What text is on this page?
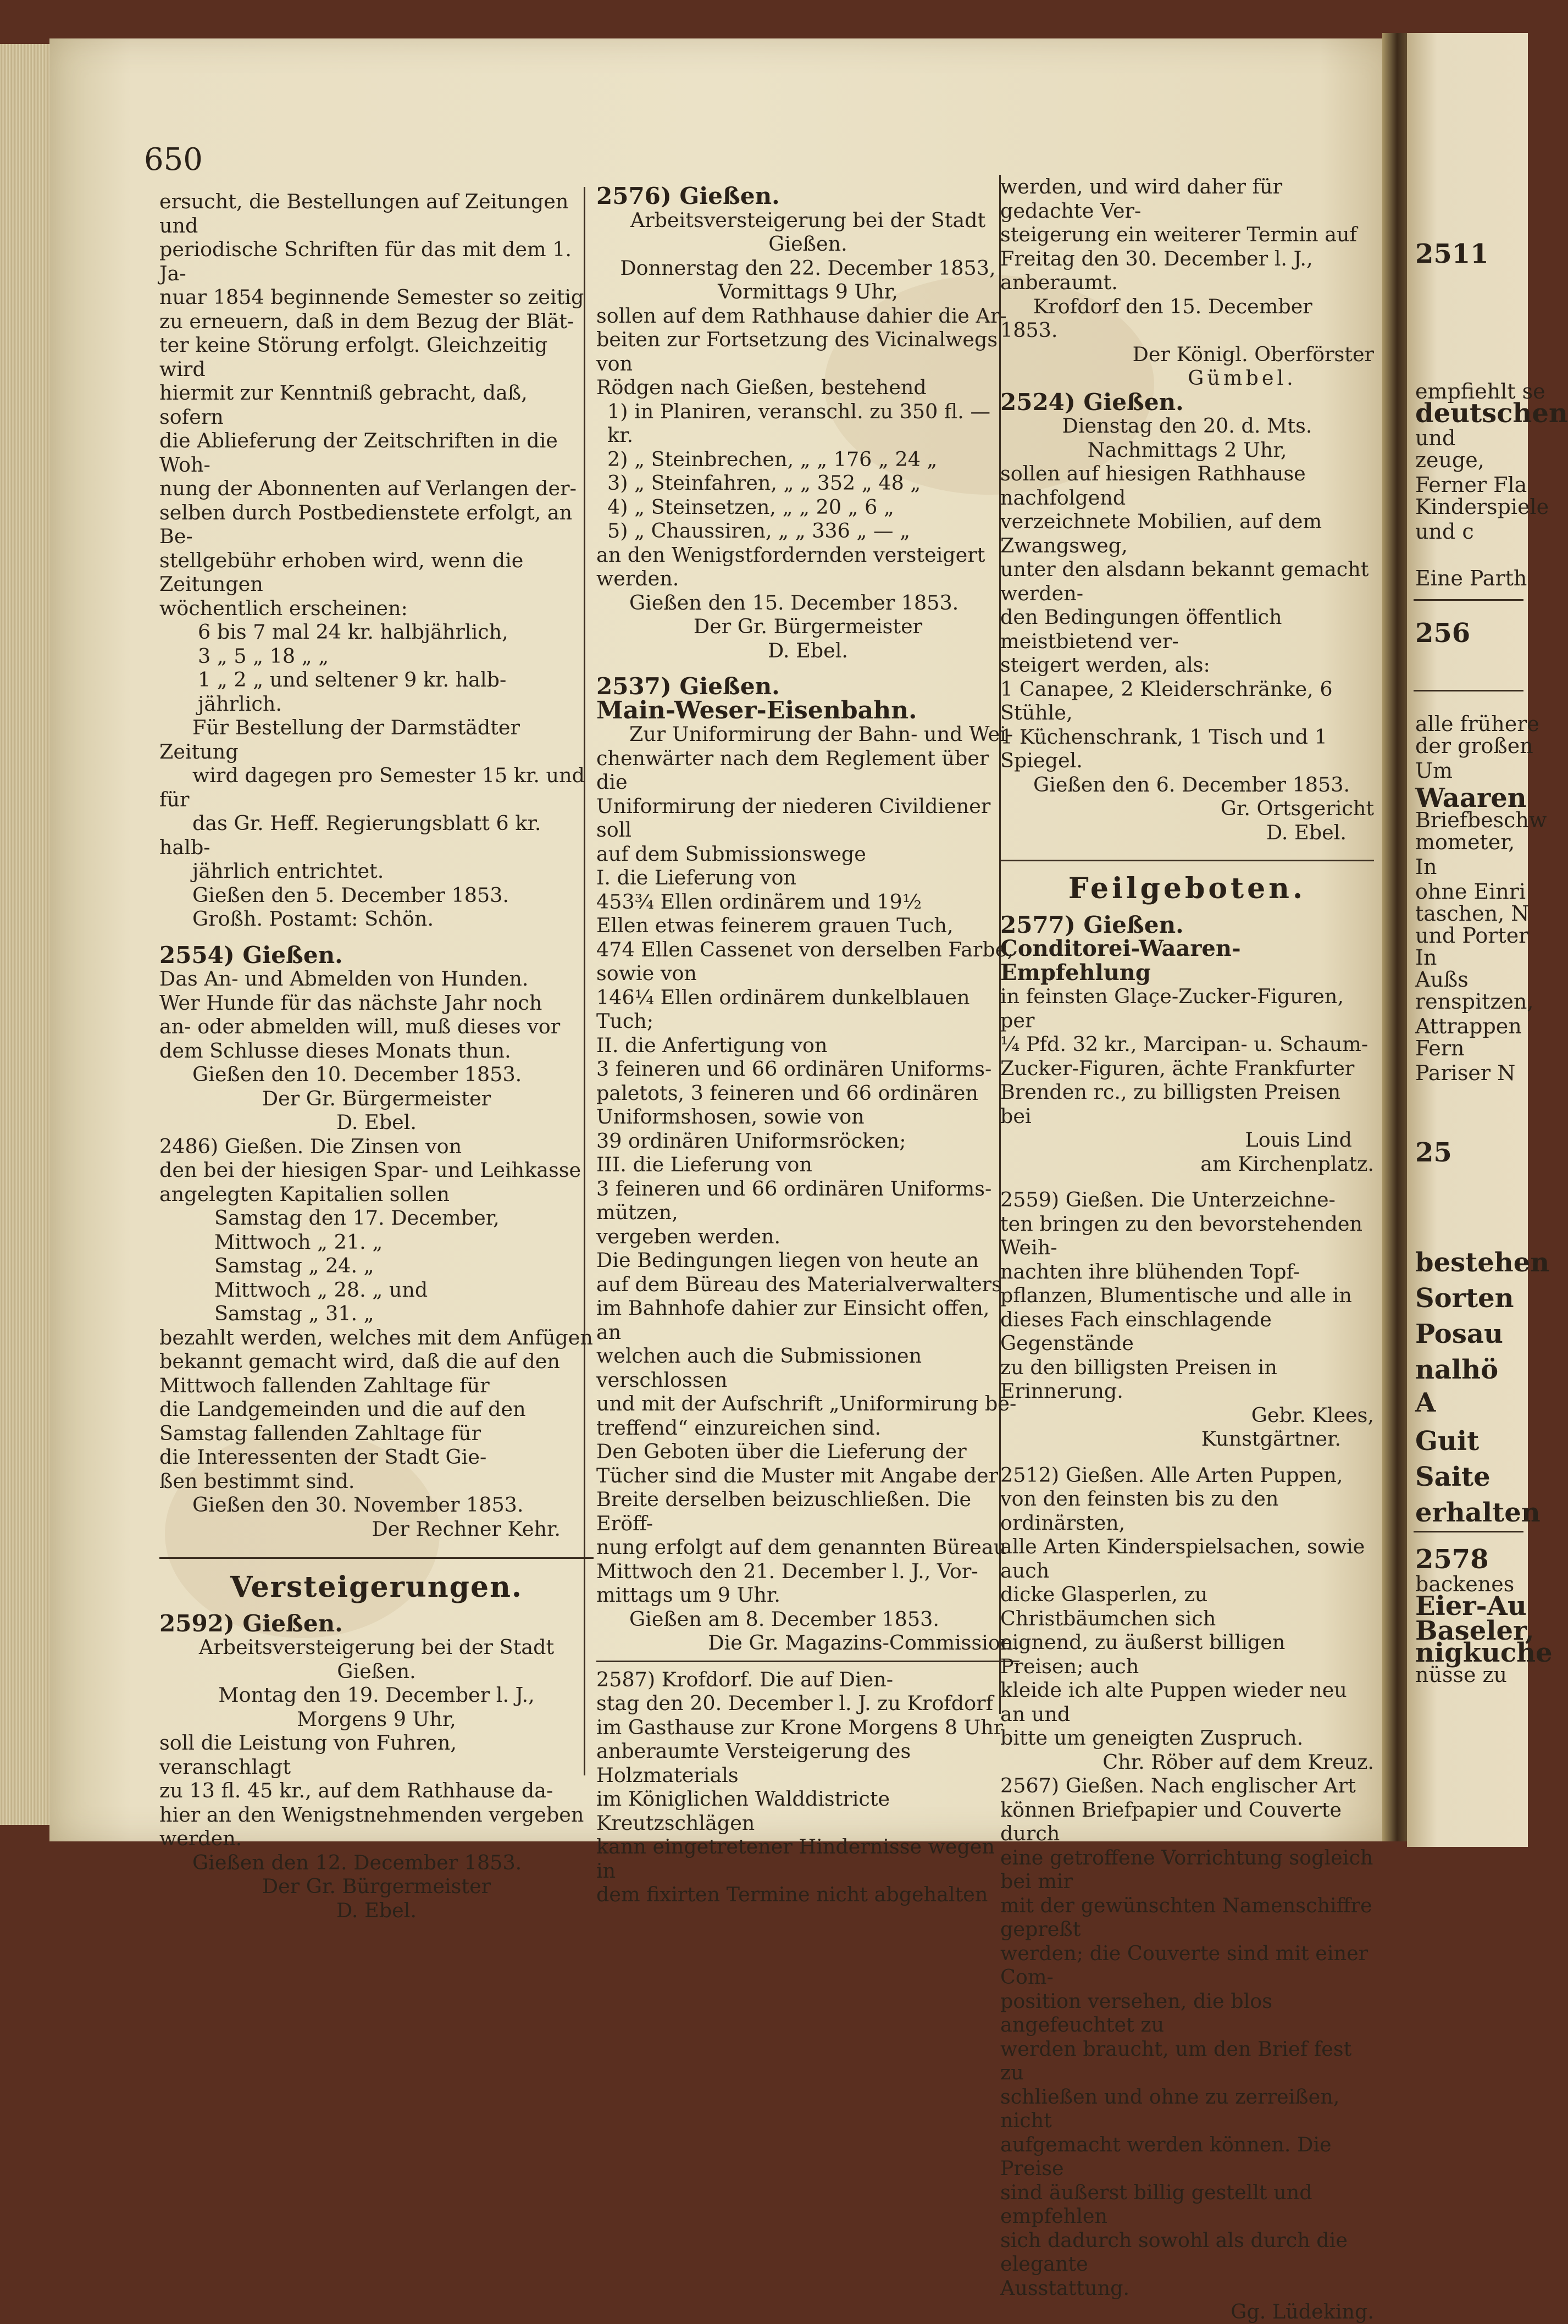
650

ersucht, die Bestellungen auf Zeitungen und

periodische Schriften für das mit dem 1. Ja-

nuar 1854 beginnende Semester so zeitig

zu erneuern, daß in dem Bezug der Blät-

ter keine Störung erfolgt. Gleichzeitig wird

hiermit zur Kenntniß gebracht, daß, sofern

die Ablieferung der Zeitschriften in die Woh-

nung der Abonnenten auf Verlangen der-

selben durch Postbedienstete erfolgt, an Be-

stellgebühr erhoben wird, wenn die Zeitungen

wöchentlich erscheinen:

6 bis 7 mal 24 kr. halbjährlich,

3 „ 5 „ 18 „ „

1 „ 2 „ und seltener 9 kr. halb-

jährlich.

Für Bestellung der Darmstädter Zeitung

wird dagegen pro Semester 15 kr. und für

das Gr. Heff. Regierungsblatt 6 kr. halb-

jährlich entrichtet.

Gießen den 5. December 1853.

Großh. Postamt: Schön.

2554) Gießen.

Das An- und Abmelden von Hunden.

Wer Hunde für das nächste Jahr noch

an- oder abmelden will, muß dieses vor

dem Schlusse dieses Monats thun.

Gießen den 10. December 1853.

Der Gr. Bürgermeister

D. Ebel.

2486) Gießen. Die Zinsen von

den bei der hiesigen Spar- und Leihkasse

angelegten Kapitalien sollen

Samstag den 17. December,

Mittwoch „ 21. „

Samstag „ 24. „

Mittwoch „ 28. „ und

Samstag „ 31. „

bezahlt werden, welches mit dem Anfügen

bekannt gemacht wird, daß die auf den

Mittwoch fallenden Zahltage für

die Landgemeinden und die auf den

Samstag fallenden Zahltage für

die Interessenten der Stadt Gie-

ßen bestimmt sind.

Gießen den 30. November 1853.

Der Rechner Kehr.

Versteigerungen.

2592) Gießen.

Arbeitsversteigerung bei der Stadt

Gießen.

Montag den 19. December l. J.,

Morgens 9 Uhr,

soll die Leistung von Fuhren, veranschlagt

zu 13 fl. 45 kr., auf dem Rathhause da-

hier an den Wenigstnehmenden vergeben

werden.

Gießen den 12. December 1853.

Der Gr. Bürgermeister

D. Ebel.

2576) Gießen.

Arbeitsversteigerung bei der Stadt

Gießen.

Donnerstag den 22. December 1853,

Vormittags 9 Uhr,

sollen auf dem Rathhause dahier die Ar-

beiten zur Fortsetzung des Vicinalwegs von

Rödgen nach Gießen, bestehend

1) in Planiren, veranschl. zu 350 fl. — kr.

2) „ Steinbrechen, „ „ 176 „ 24 „

3) „ Steinfahren, „ „ 352 „ 48 „

4) „ Steinsetzen, „ „ 20 „ 6 „

5) „ Chaussiren, „ „ 336 „ — „

an den Wenigstfordernden versteigert werden.

Gießen den 15. December 1853.

Der Gr. Bürgermeister

D. Ebel.

2537) Gießen.

Main-Weser-Eisenbahn.

Zur Uniformirung der Bahn- und Wei-

chenwärter nach dem Reglement über die

Uniformirung der niederen Civildiener soll

auf dem Submissionswege

I. die Lieferung von

453¾ Ellen ordinärem und 19½

Ellen etwas feinerem grauen Tuch,

474 Ellen Cassenet von derselben Farbe,

sowie von

146¼ Ellen ordinärem dunkelblauen

Tuch;

II. die Anfertigung von

3 feineren und 66 ordinären Uniforms-

paletots, 3 feineren und 66 ordinären

Uniformshosen, sowie von

39 ordinären Uniformsröcken;

III. die Lieferung von

3 feineren und 66 ordinären Uniforms-

mützen,

vergeben werden.

Die Bedingungen liegen von heute an

auf dem Büreau des Materialverwalters

im Bahnhofe dahier zur Einsicht offen, an

welchen auch die Submissionen verschlossen

und mit der Aufschrift „Uniformirung be-

treffend“ einzureichen sind.

Den Geboten über die Lieferung der

Tücher sind die Muster mit Angabe der

Breite derselben beizuschließen. Die Eröff-

nung erfolgt auf dem genannten Büreau

Mittwoch den 21. December l. J., Vor-

mittags um 9 Uhr.

Gießen am 8. December 1853.

Die Gr. Magazins-Commission.

2587) Krofdorf. Die auf Dien-

stag den 20. December l. J. zu Krofdorf

im Gasthause zur Krone Morgens 8 Uhr

anberaumte Versteigerung des Holzmaterials

im Königlichen Walddistricte Kreutzschlägen

kann eingetretener Hindernisse wegen in

dem fixirten Termine nicht abgehalten

werden, und wird daher für gedachte Ver-

steigerung ein weiterer Termin auf

Freitag den 30. December l. J.,

anberaumt.

Krofdorf den 15. December 1853.

Der Königl. Oberförster

Gümbel.

2524) Gießen.

Dienstag den 20. d. Mts.

Nachmittags 2 Uhr,

sollen auf hiesigen Rathhause nachfolgend

verzeichnete Mobilien, auf dem Zwangsweg,

unter den alsdann bekannt gemacht werden-

den Bedingungen öffentlich meistbietend ver-

steigert werden, als:

1 Canapee, 2 Kleiderschränke, 6 Stühle,

1 Küchenschrank, 1 Tisch und 1 Spiegel.

Gießen den 6. December 1853.

Gr. Ortsgericht

D. Ebel.

Feilgeboten.

2577) Gießen.

Conditorei-Waaren-Empfehlung

in feinsten Glaçe-Zucker-Figuren, per

¼ Pfd. 32 kr., Marcipan- u. Schaum-

Zucker-Figuren, ächte Frankfurter

Brenden rc., zu billigsten Preisen bei

Louis Lind

am Kirchenplatz.

2559) Gießen. Die Unterzeichne-

ten bringen zu den bevorstehenden Weih-

nachten ihre blühenden Topf-

pflanzen, Blumentische und alle in

dieses Fach einschlagende Gegenstände

zu den billigsten Preisen in Erinnerung.

Gebr. Klees,

Kunstgärtner.

2512) Gießen. Alle Arten Puppen,

von den feinsten bis zu den ordinärsten,

alle Arten Kinderspielsachen, sowie auch

dicke Glasperlen, zu Christbäumchen sich

eignend, zu äußerst billigen Preisen; auch

kleide ich alte Puppen wieder neu an und

bitte um geneigten Zuspruch.

Chr. Röber auf dem Kreuz.

2567) Gießen. Nach englischer Art

können Briefpapier und Couverte durch

eine getroffene Vorrichtung sogleich bei mir

mit der gewünschten Namenschiffre gepreßt

werden; die Couverte sind mit einer Com-

position versehen, die blos angefeuchtet zu

werden braucht, um den Brief fest zu

schließen und ohne zu zerreißen, nicht

aufgemacht werden können. Die Preise

sind äußerst billig gestellt und empfehlen

sich dadurch sowohl als durch die elegante

Ausstattung.

Gg. Lüdeking.

2511
empfiehlt se
deutschen
und
zeuge,
Ferner Fla
Kinderspiele
und c
Eine Parth
256
alle frühere
der großen
Um
Waaren
Briefbeschw
mometer,
In
ohne Einri
taschen, N
und Porter
In
Außs
renspitzen,
Attrappen
Fern
Pariser N
25
bestehen
Sorten
Posau
nalhö
A
Guit
Saite
erhalten
2578
backenes
Eier-Au
Baseler,
nigkuche
nüsse zu
